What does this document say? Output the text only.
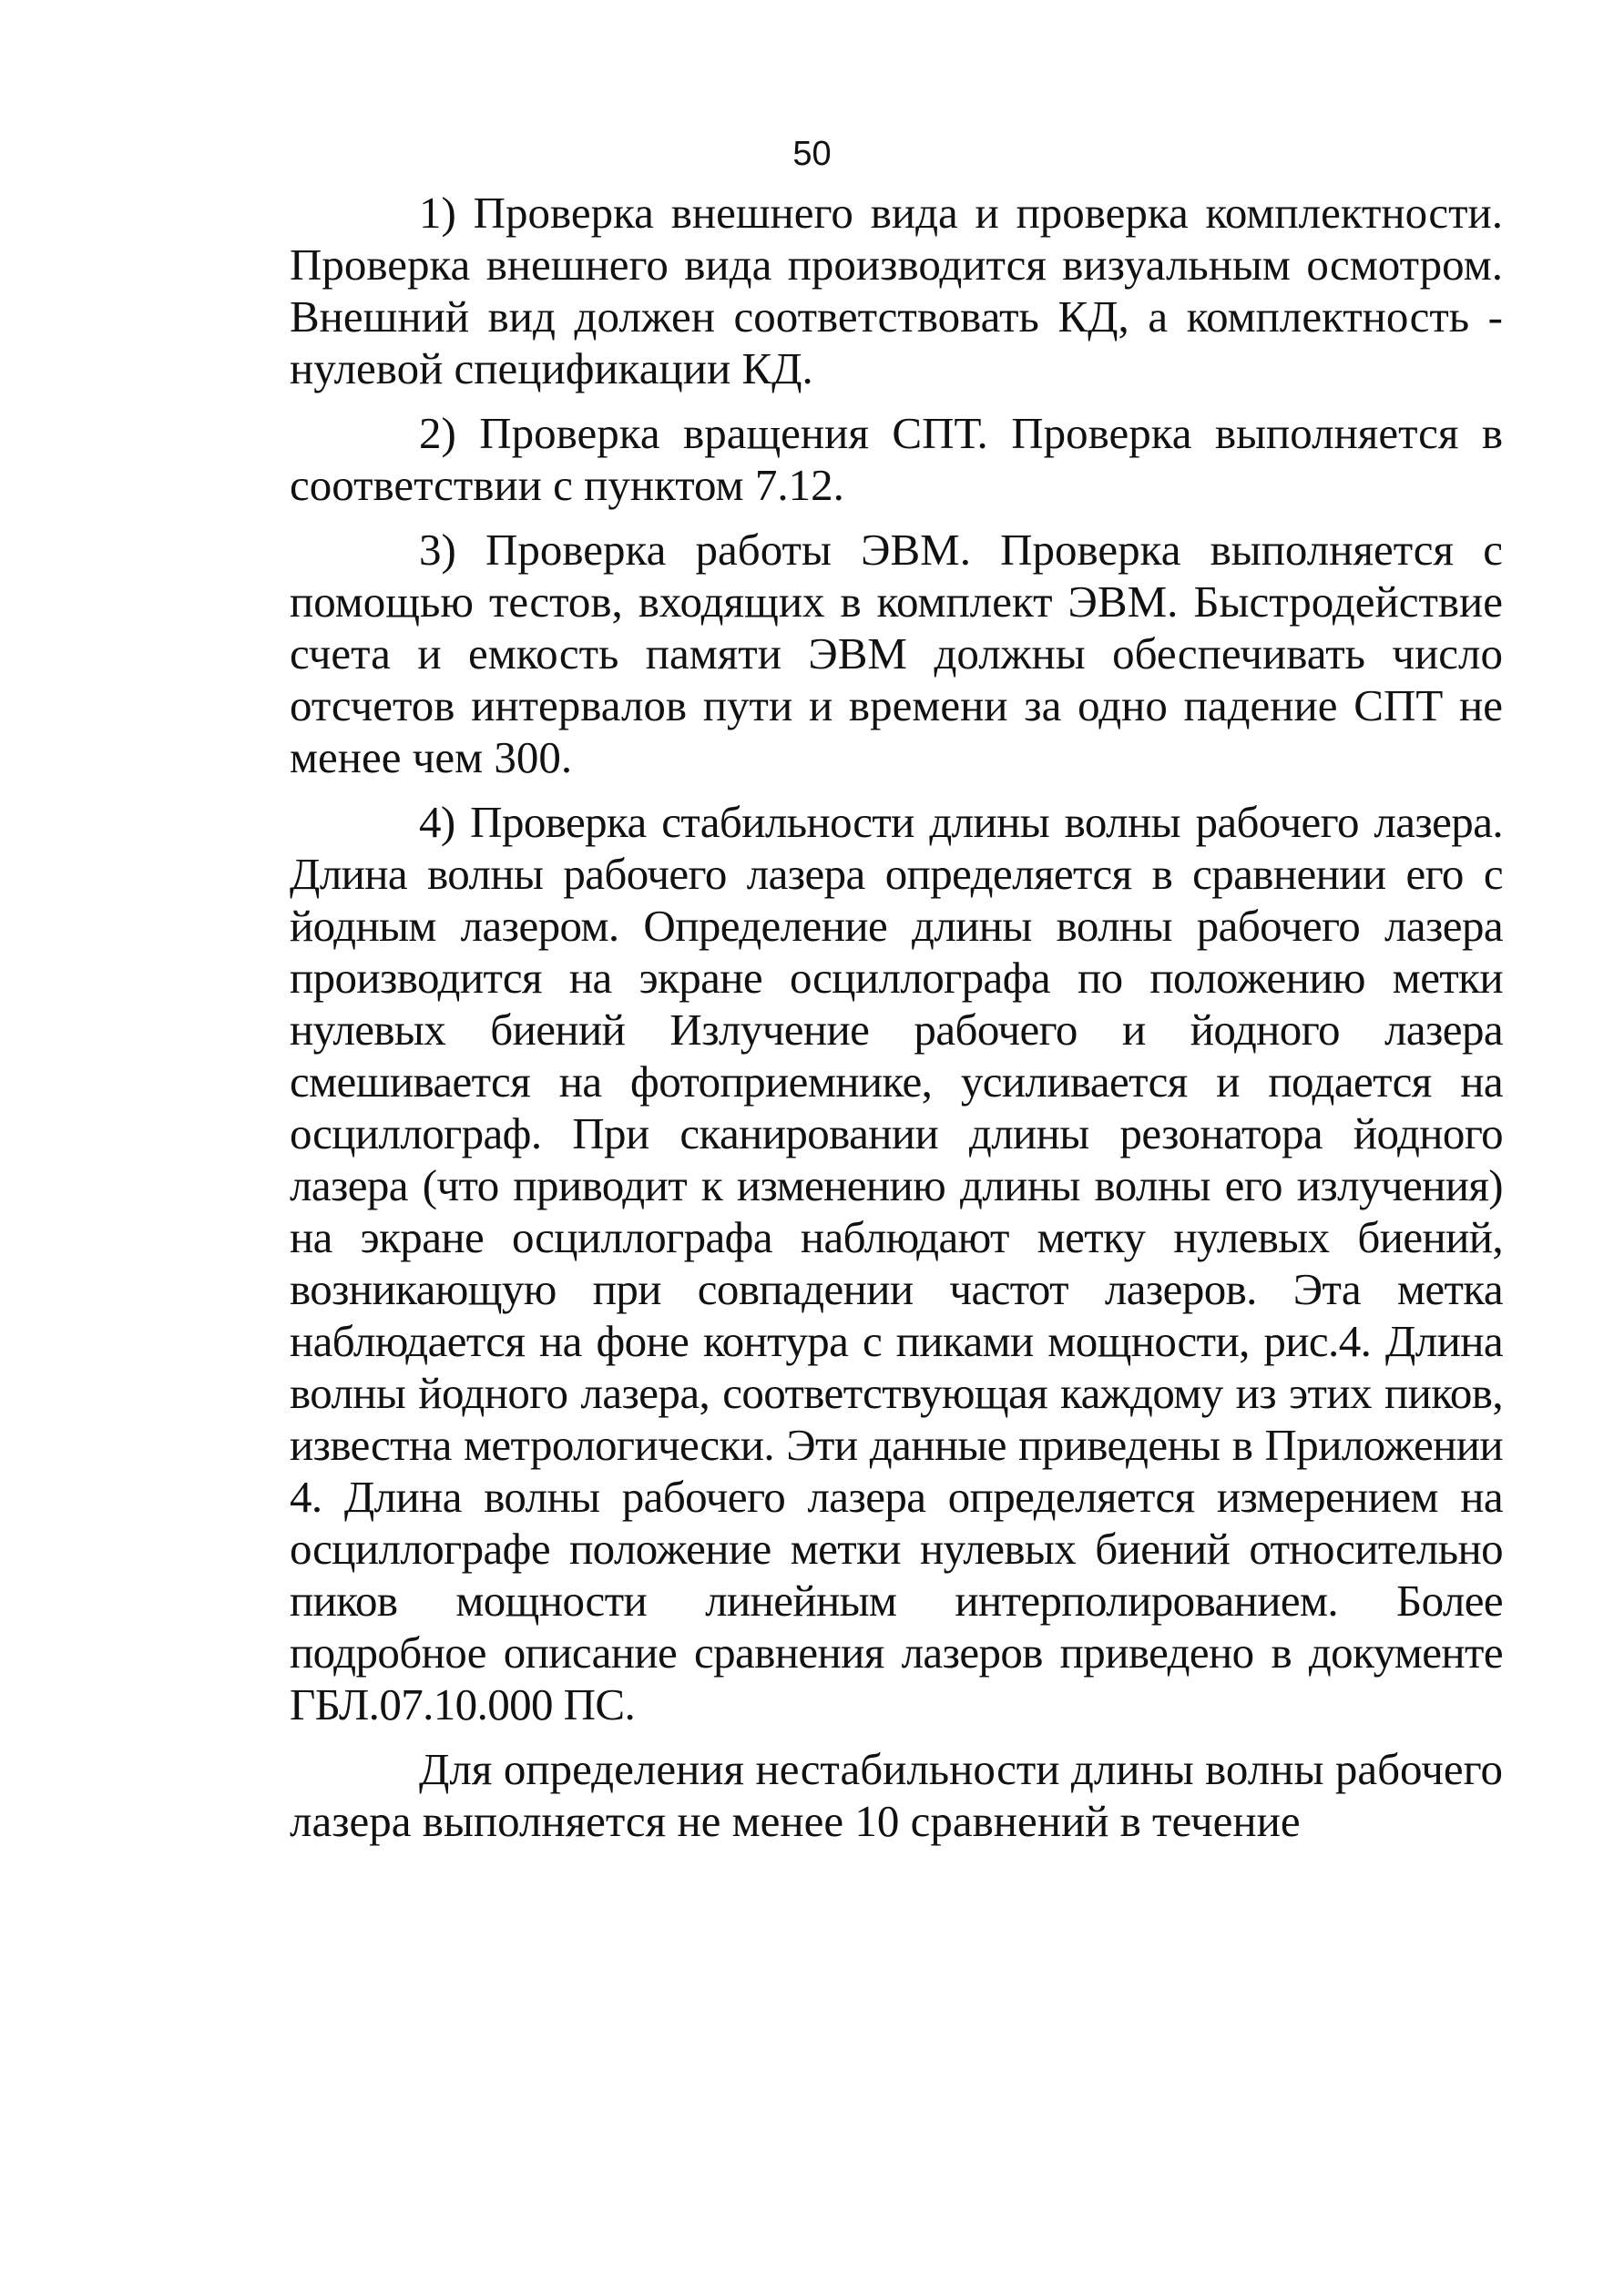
50

1) Проверка внешнего вида и проверка комплектности. Проверка внешнего вида производится визуальным осмотром. Внешний вид должен соответствовать КД, а комплектность - нулевой спецификации КД.

2) Проверка вращения СПТ. Проверка выполняется в соответствии с пунктом 7.12.

3) Проверка работы ЭВМ. Проверка выполняется с помощью тестов, входящих в комплект ЭВМ. Быстродействие счета и емкость памяти ЭВМ должны обеспечивать число отсчетов интервалов пути и времени за одно падение СПТ не менее чем 300.

4) Проверка стабильности длины волны рабочего лазера. Длина волны рабочего лазера определяется в сравнении его с йодным лазером. Определение длины волны рабочего лазера производится на экране осциллографа по положению метки нулевых биений Излучение рабочего и йодного лазера смешивается на фотоприемнике, усиливается и подается на осциллограф. При сканировании длины резонатора йодного лазера (что приводит к изменению длины волны его излучения) на экране осциллографа наблюдают метку нулевых биений, возникающую при совпадении частот лазеров. Эта метка наблюдается на фоне контура с пиками мощности, рис.4. Длина волны йодного лазера, соответствующая каждому из этих пиков, известна метрологически. Эти данные приведены в Приложении 4. Длина волны рабочего лазера определяется измерением на осциллографе положение метки нулевых биений относительно пиков мощности линейным интерполированием. Более подробное описание сравнения лазеров приведено в документе ГБЛ.07.10.000 ПС.

Для определения нестабильности длины волны рабочего лазера выполняется не менее 10 сравнений в течение
